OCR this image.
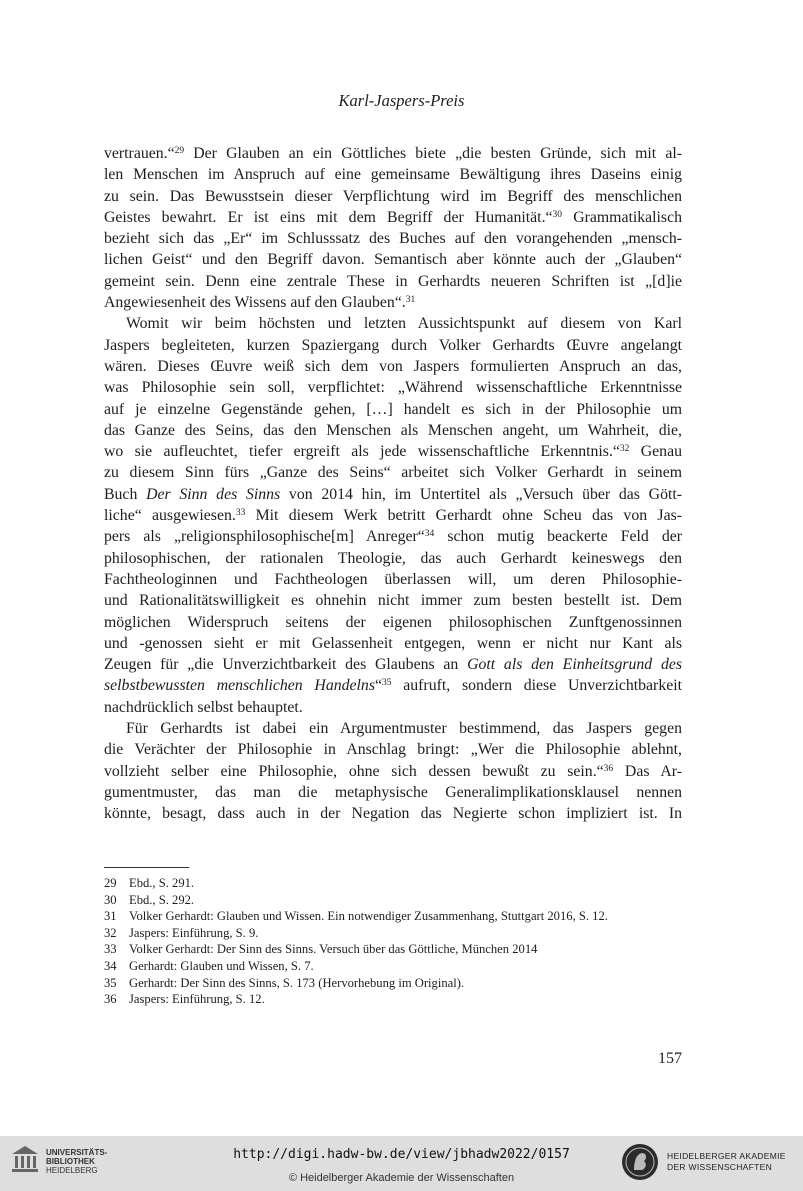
Karl-Jaspers-Preis
vertrauen.“$^{29}$ Der Glauben an ein Göttliches biete „die besten Gründe, sich mit al-
len Menschen im Anspruch auf eine gemeinsame Bewältigung ihres Daseins einig
zu sein. Das Bewusstsein dieser Verpflichtung wird im Begriff des menschlichen
Geistes bewahrt. Er ist eins mit dem Begriff der Humanität.“$^{30}$ Grammatikalisch
bezieht sich das „Er“ im Schlusssatz des Buches auf den vorangehenden „mensch-
lichen Geist“ und den Begriff davon. Semantisch aber könnte auch der „Glauben“
gemeint sein. Denn eine zentrale These in Gerhardts neueren Schriften ist „[d]ie
Angewiesenheit des Wissens auf den Glauben“.$^{31}$
Womit wir beim höchsten und letzten Aussichtspunkt auf diesem von Karl
Jaspers begleiteten, kurzen Spaziergang durch Volker Gerhardts Œuvre angelangt
wären. Dieses Œuvre weiß sich dem von Jaspers formulierten Anspruch an das,
was Philosophie sein soll, verpflichtet: „Während wissenschaftliche Erkenntnisse
auf je einzelne Gegenstände gehen, […] handelt es sich in der Philosophie um
das Ganze des Seins, das den Menschen als Menschen angeht, um Wahrheit, die,
wo sie aufleuchtet, tiefer ergreift als jede wissenschaftliche Erkenntnis.“$^{32}$ Genau
zu diesem Sinn fürs „Ganze des Seins“ arbeitet sich Volker Gerhardt in seinem
Buch Der Sinn des Sinns von 2014 hin, im Untertitel als „Versuch über das Gött-
liche“ ausgewiesen.$^{33}$ Mit diesem Werk betritt Gerhardt ohne Scheu das von Jas-
pers als „religionsphilosophische[m] Anreger“$^{34}$ schon mutig beackerte Feld der
philosophischen, der rationalen Theologie, das auch Gerhardt keineswegs den
Fachtheologinnen und Fachtheologen überlassen will, um deren Philosophie-
und Rationalitätswilligkeit es ohnehin nicht immer zum besten bestellt ist. Dem
möglichen Widerspruch seitens der eigenen philosophischen Zunftgenossinnen
und -genossen sieht er mit Gelassenheit entgegen, wenn er nicht nur Kant als
Zeugen für „die Unverzichtbarkeit des Glaubens an Gott als den Einheitsgrund des
selbstbewussten menschlichen Handelns“$^{35}$ aufruft, sondern diese Unverzichtbarkeit
nachdrücklich selbst behauptet.
Für Gerhardts ist dabei ein Argumentmuster bestimmend, das Jaspers gegen
die Verächter der Philosophie in Anschlag bringt: „Wer die Philosophie ablehnt,
vollzieht selber eine Philosophie, ohne sich dessen bewußt zu sein.“$^{36}$ Das Ar-
gumentmuster, das man die metaphysische Generalimplikationsklausel nennen
könnte, besagt, dass auch in der Negation das Negierte schon impliziert ist. In
29 Ebd., S. 291.
30 Ebd., S. 292.
31 Volker Gerhardt: Glauben und Wissen. Ein notwendiger Zusammenhang, Stuttgart 2016, S. 12.
32 Jaspers: Einführung, S. 9.
33 Volker Gerhardt: Der Sinn des Sinns. Versuch über das Göttliche, München 2014
34 Gerhardt: Glauben und Wissen, S. 7.
35 Gerhardt: Der Sinn des Sinns, S. 173 (Hervorhebung im Original).
36 Jaspers: Einführung, S. 12.
157
UNIVERSITÄTS-
BIBLIOTHEK
HEIDELBERG
http://digi.hadw-bw.de/view/jbhadw2022/0157
© Heidelberger Akademie der Wissenschaften
HEIDELBERGER AKADEMIE
DER WISSENSCHAFTEN
